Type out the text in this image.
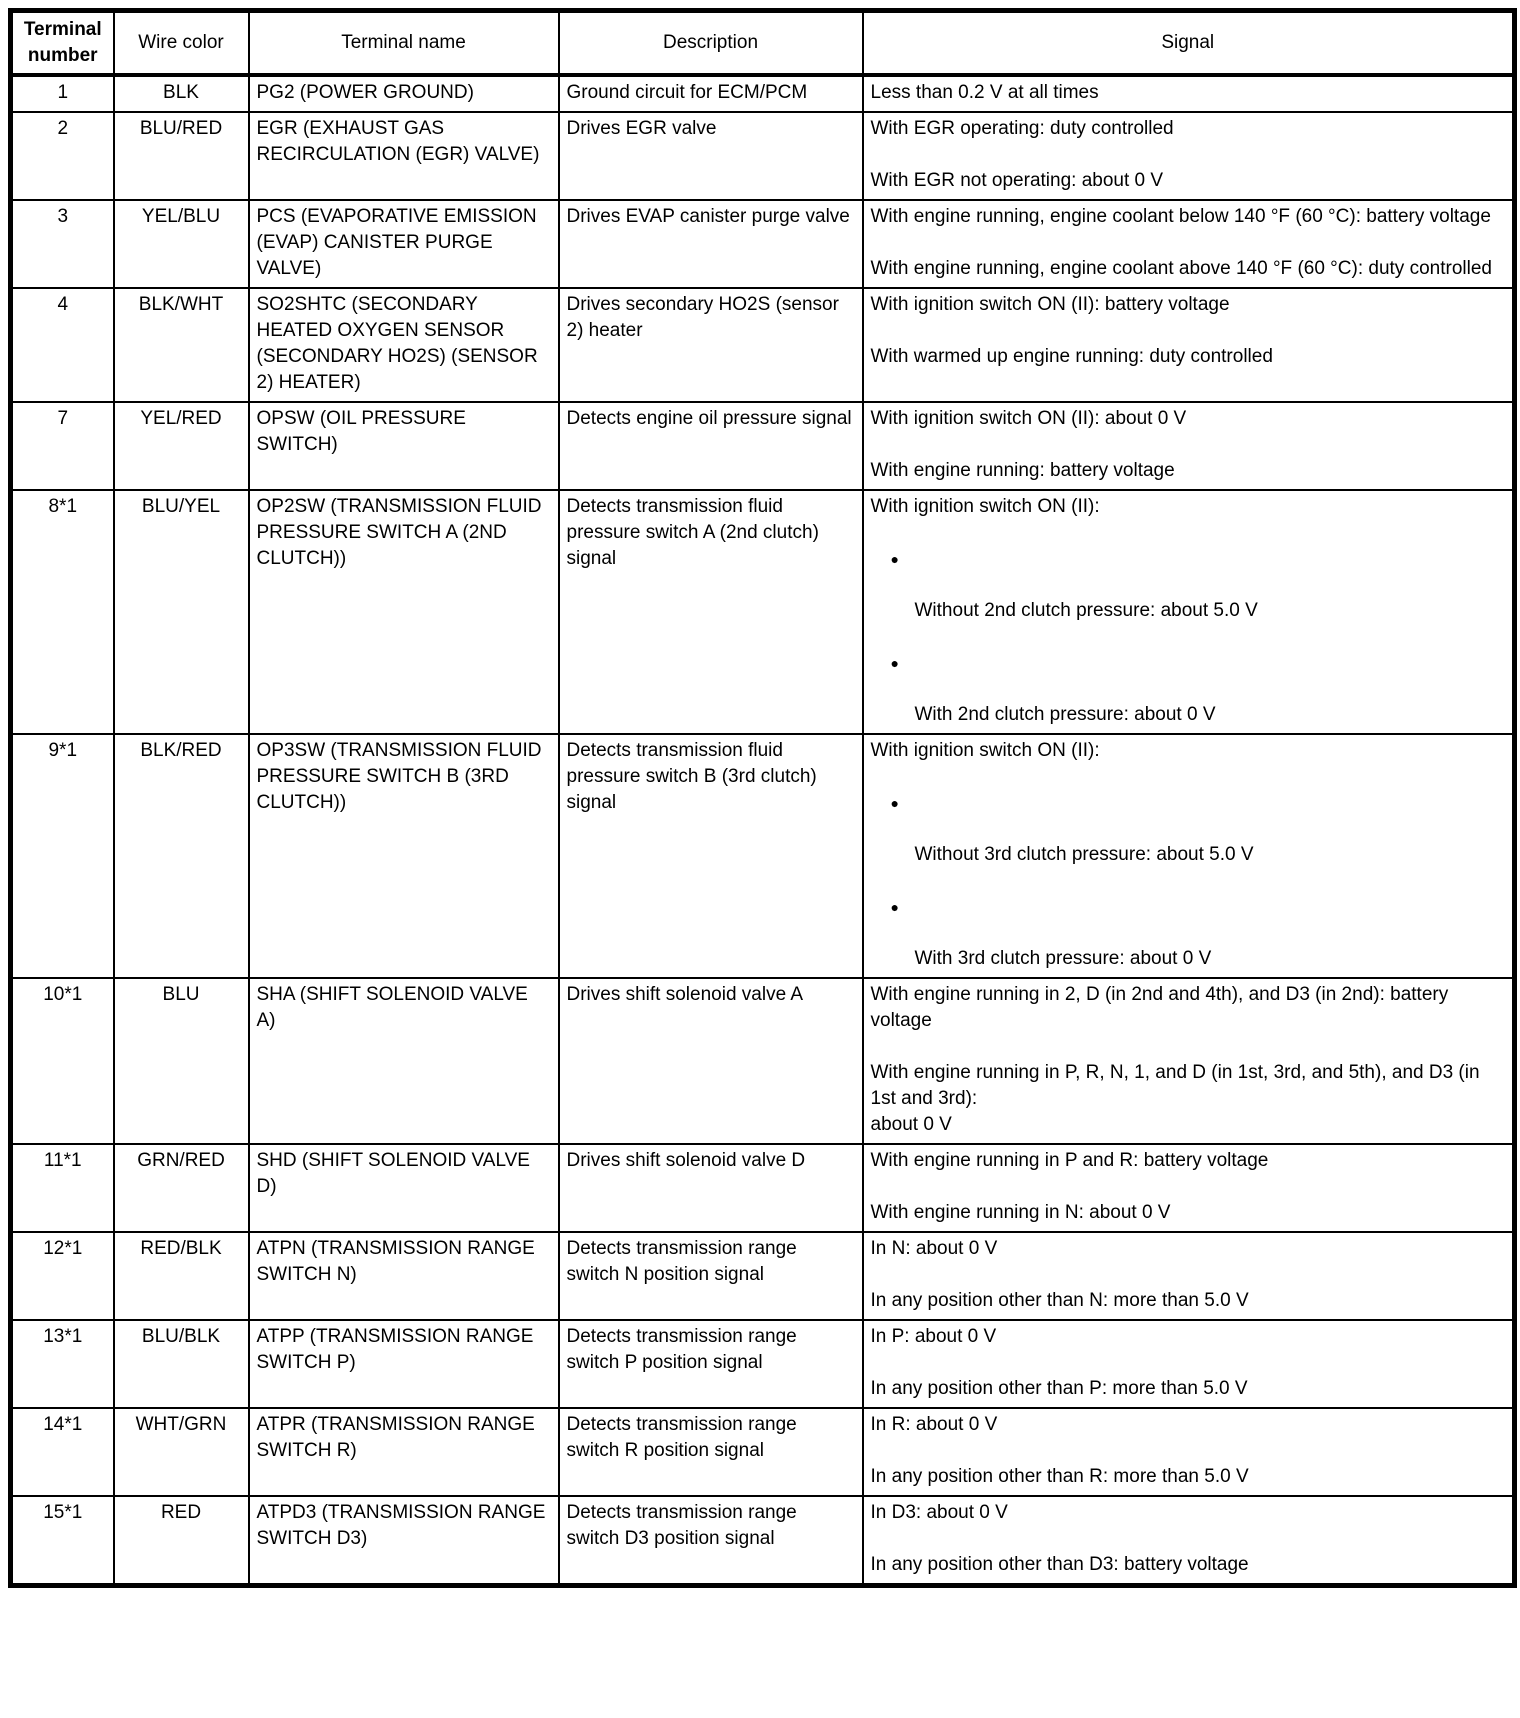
Terminal number	Wire color	Terminal name	Description	Signal
1	BLK	PG2 (POWER GROUND)	Ground circuit for ECM/PCM	Less than 0.2 V at all times

2	BLU/RED	EGR (EXHAUST GAS RECIRCULATION (EGR) VALVE)	Drives EGR valve	With EGR operating: duty controlled
With EGR not operating: about 0 V

3	YEL/BLU	PCS (EVAPORATIVE EMISSION (EVAP) CANISTER PURGE VALVE)	Drives EVAP canister purge valve	With engine running, engine coolant below 140 °F (60 °C): battery voltage
With engine running, engine coolant above 140 °F (60 °C): duty controlled

4	BLK/WHT	SO2SHTC (SECONDARY HEATED OXYGEN SENSOR (SECONDARY HO2S) (SENSOR 2) HEATER)	Drives secondary HO2S (sensor 2) heater	With ignition switch ON (II): battery voltage
With warmed up engine running: duty controlled

7	YEL/RED	OPSW (OIL PRESSURE SWITCH)	Detects engine oil pressure signal	With ignition switch ON (II): about 0 V
With engine running: battery voltage

8*1	BLU/YEL	OP2SW (TRANSMISSION FLUID PRESSURE SWITCH A (2ND CLUTCH))	Detects transmission fluid pressure switch A (2nd clutch) signal	With ignition switch ON (II):
●
Without 2nd clutch pressure: about 5.0 V
●
With 2nd clutch pressure: about 0 V

9*1	BLK/RED	OP3SW (TRANSMISSION FLUID PRESSURE SWITCH B (3RD CLUTCH))	Detects transmission fluid pressure switch B (3rd clutch) signal	With ignition switch ON (II):
●
Without 3rd clutch pressure: about 5.0 V
●
With 3rd clutch pressure: about 0 V

10*1	BLU	SHA (SHIFT SOLENOID VALVE A)	Drives shift solenoid valve A	With engine running in 2, D (in 2nd and 4th), and D3 (in 2nd): battery voltage
With engine running in P, R, N, 1, and D (in 1st, 3rd, and 5th), and D3 (in 1st and 3rd):
about 0 V

11*1	GRN/RED	SHD (SHIFT SOLENOID VALVE D)	Drives shift solenoid valve D	With engine running in P and R: battery voltage
With engine running in N: about 0 V

12*1	RED/BLK	ATPN (TRANSMISSION RANGE SWITCH N)	Detects transmission range switch N position signal	In N: about 0 V
In any position other than N: more than 5.0 V

13*1	BLU/BLK	ATPP (TRANSMISSION RANGE SWITCH P)	Detects transmission range switch P position signal	In P: about 0 V
In any position other than P: more than 5.0 V

14*1	WHT/GRN	ATPR (TRANSMISSION RANGE SWITCH R)	Detects transmission range switch R position signal	In R: about 0 V
In any position other than R: more than 5.0 V

15*1	RED	ATPD3 (TRANSMISSION RANGE SWITCH D3)	Detects transmission range switch D3 position signal	In D3: about 0 V
In any position other than D3: battery voltage
